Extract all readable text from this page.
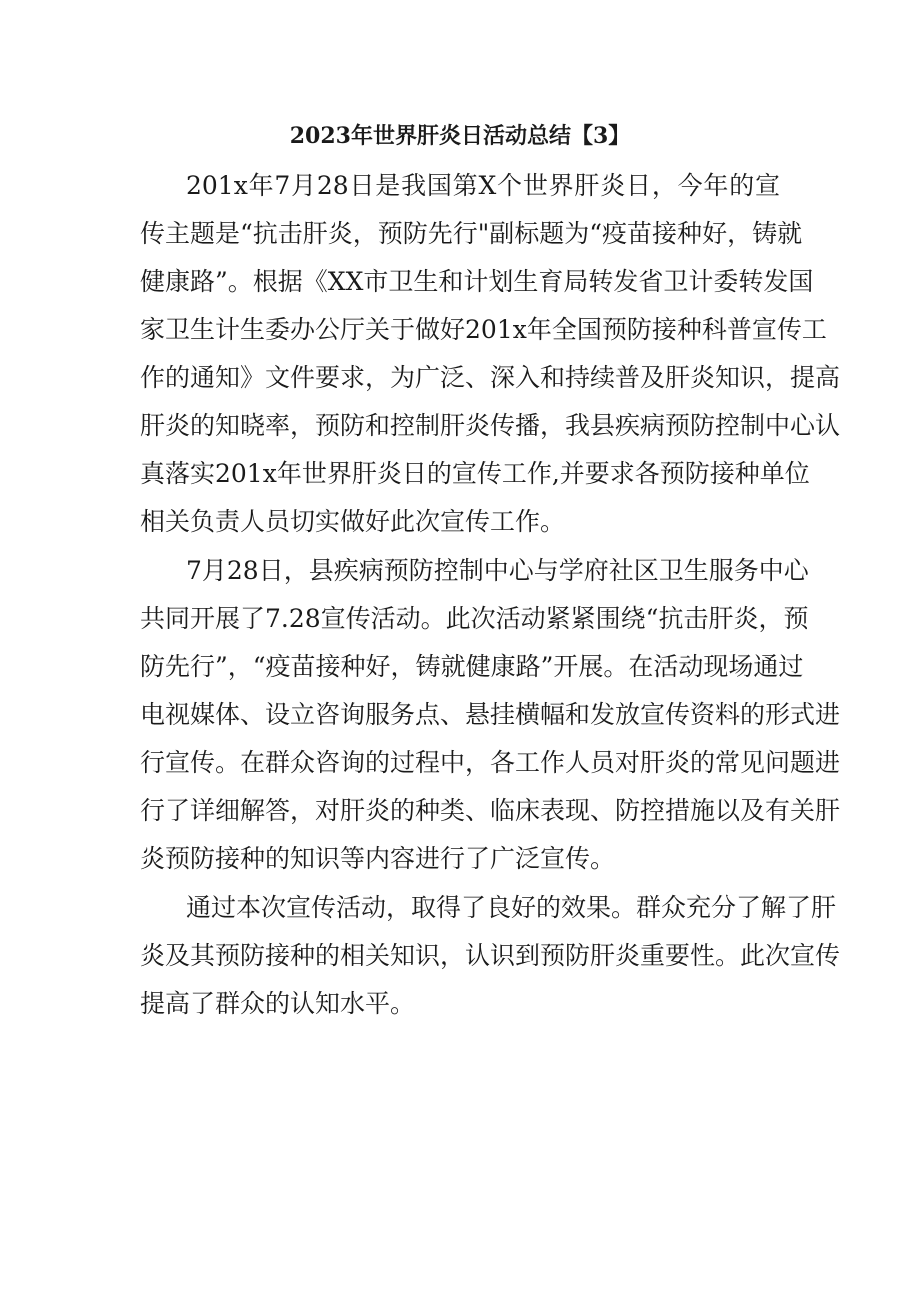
2023年世界肝炎日活动总结【3】
201x年7月28日是我国第X个世界肝炎日，今年的宣
传主题是“抗击肝炎，预防先行"副标题为“疫苗接种好，铸就
健康路”。根据《XX市卫生和计划生育局转发省卫计委转发国
家卫生计生委办公厅关于做好201x年全国预防接种科普宣传工
作的通知》文件要求，为广泛、深入和持续普及肝炎知识，提高
肝炎的知晓率，预防和控制肝炎传播，我县疾病预防控制中心认
真落实201x年世界肝炎日的宣传工作,并要求各预防接种单位
相关负责人员切实做好此次宣传工作。
7月28日，县疾病预防控制中心与学府社区卫生服务中心
共同开展了7.28宣传活动。此次活动紧紧围绕“抗击肝炎，预
防先行”，“疫苗接种好，铸就健康路”开展。在活动现场通过
电视媒体、设立咨询服务点、悬挂横幅和发放宣传资料的形式进
行宣传。在群众咨询的过程中，各工作人员对肝炎的常见问题进
行了详细解答，对肝炎的种类、临床表现、防控措施以及有关肝
炎预防接种的知识等内容进行了广泛宣传。
通过本次宣传活动，取得了良好的效果。群众充分了解了肝
炎及其预防接种的相关知识，认识到预防肝炎重要性。此次宣传
提高了群众的认知水平。
